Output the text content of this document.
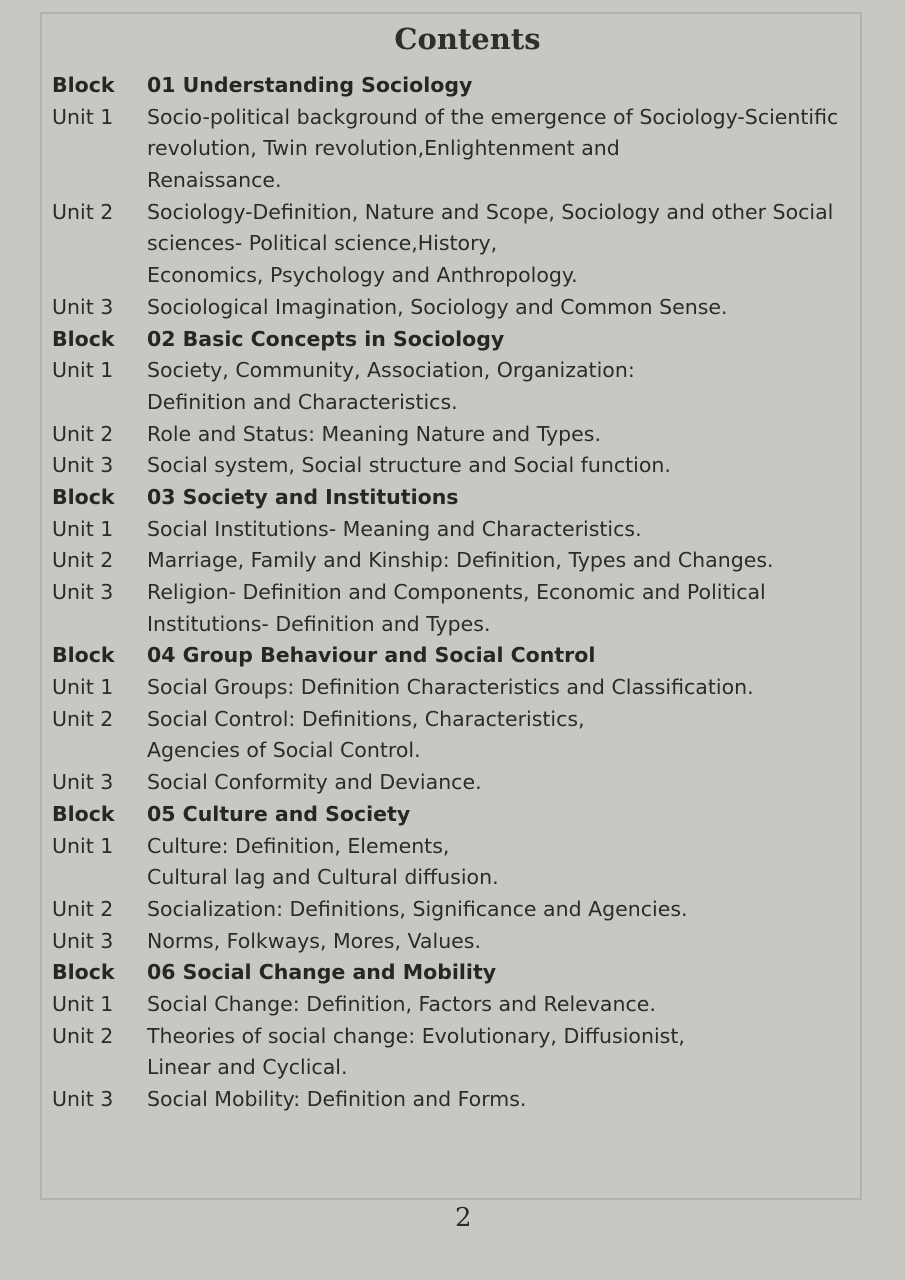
Contents
Block	01 Understanding Sociology
Unit 1	Socio-political background of the emergence of Sociology-Scientific
revolution, Twin revolution,Enlightenment and
Renaissance.
Unit 2	Sociology-Definition, Nature and Scope, Sociology and other Social
sciences- Political science,History,
Economics, Psychology and Anthropology.
Unit 3	Sociological Imagination, Sociology and Common Sense.
Block	02 Basic Concepts in Sociology
Unit 1	Society, Community, Association, Organization:
Definition and Characteristics.
Unit 2	Role and Status: Meaning Nature and Types.
Unit 3	Social system, Social structure and Social function.
Block	03 Society and Institutions
Unit 1	Social Institutions- Meaning and Characteristics.
Unit 2	Marriage, Family and Kinship: Definition, Types and Changes.
Unit 3	Religion- Definition and Components, Economic and Political
Institutions- Definition and Types.
Block	04 Group Behaviour and Social Control
Unit 1	Social Groups: Definition Characteristics and Classification.
Unit 2	Social Control: Definitions, Characteristics,
Agencies of Social Control.
Unit 3	Social Conformity and Deviance.
Block	05 Culture and Society
Unit 1	Culture: Definition, Elements,
Cultural lag and Cultural diffusion.
Unit 2	Socialization: Definitions, Significance and Agencies.
Unit 3	Norms, Folkways, Mores, Values.
Block	06 Social Change and Mobility
Unit 1	Social Change: Definition, Factors and Relevance.
Unit 2	Theories of social change: Evolutionary, Diffusionist,
Linear and Cyclical.
Unit 3	Social Mobility: Definition and Forms.
2
